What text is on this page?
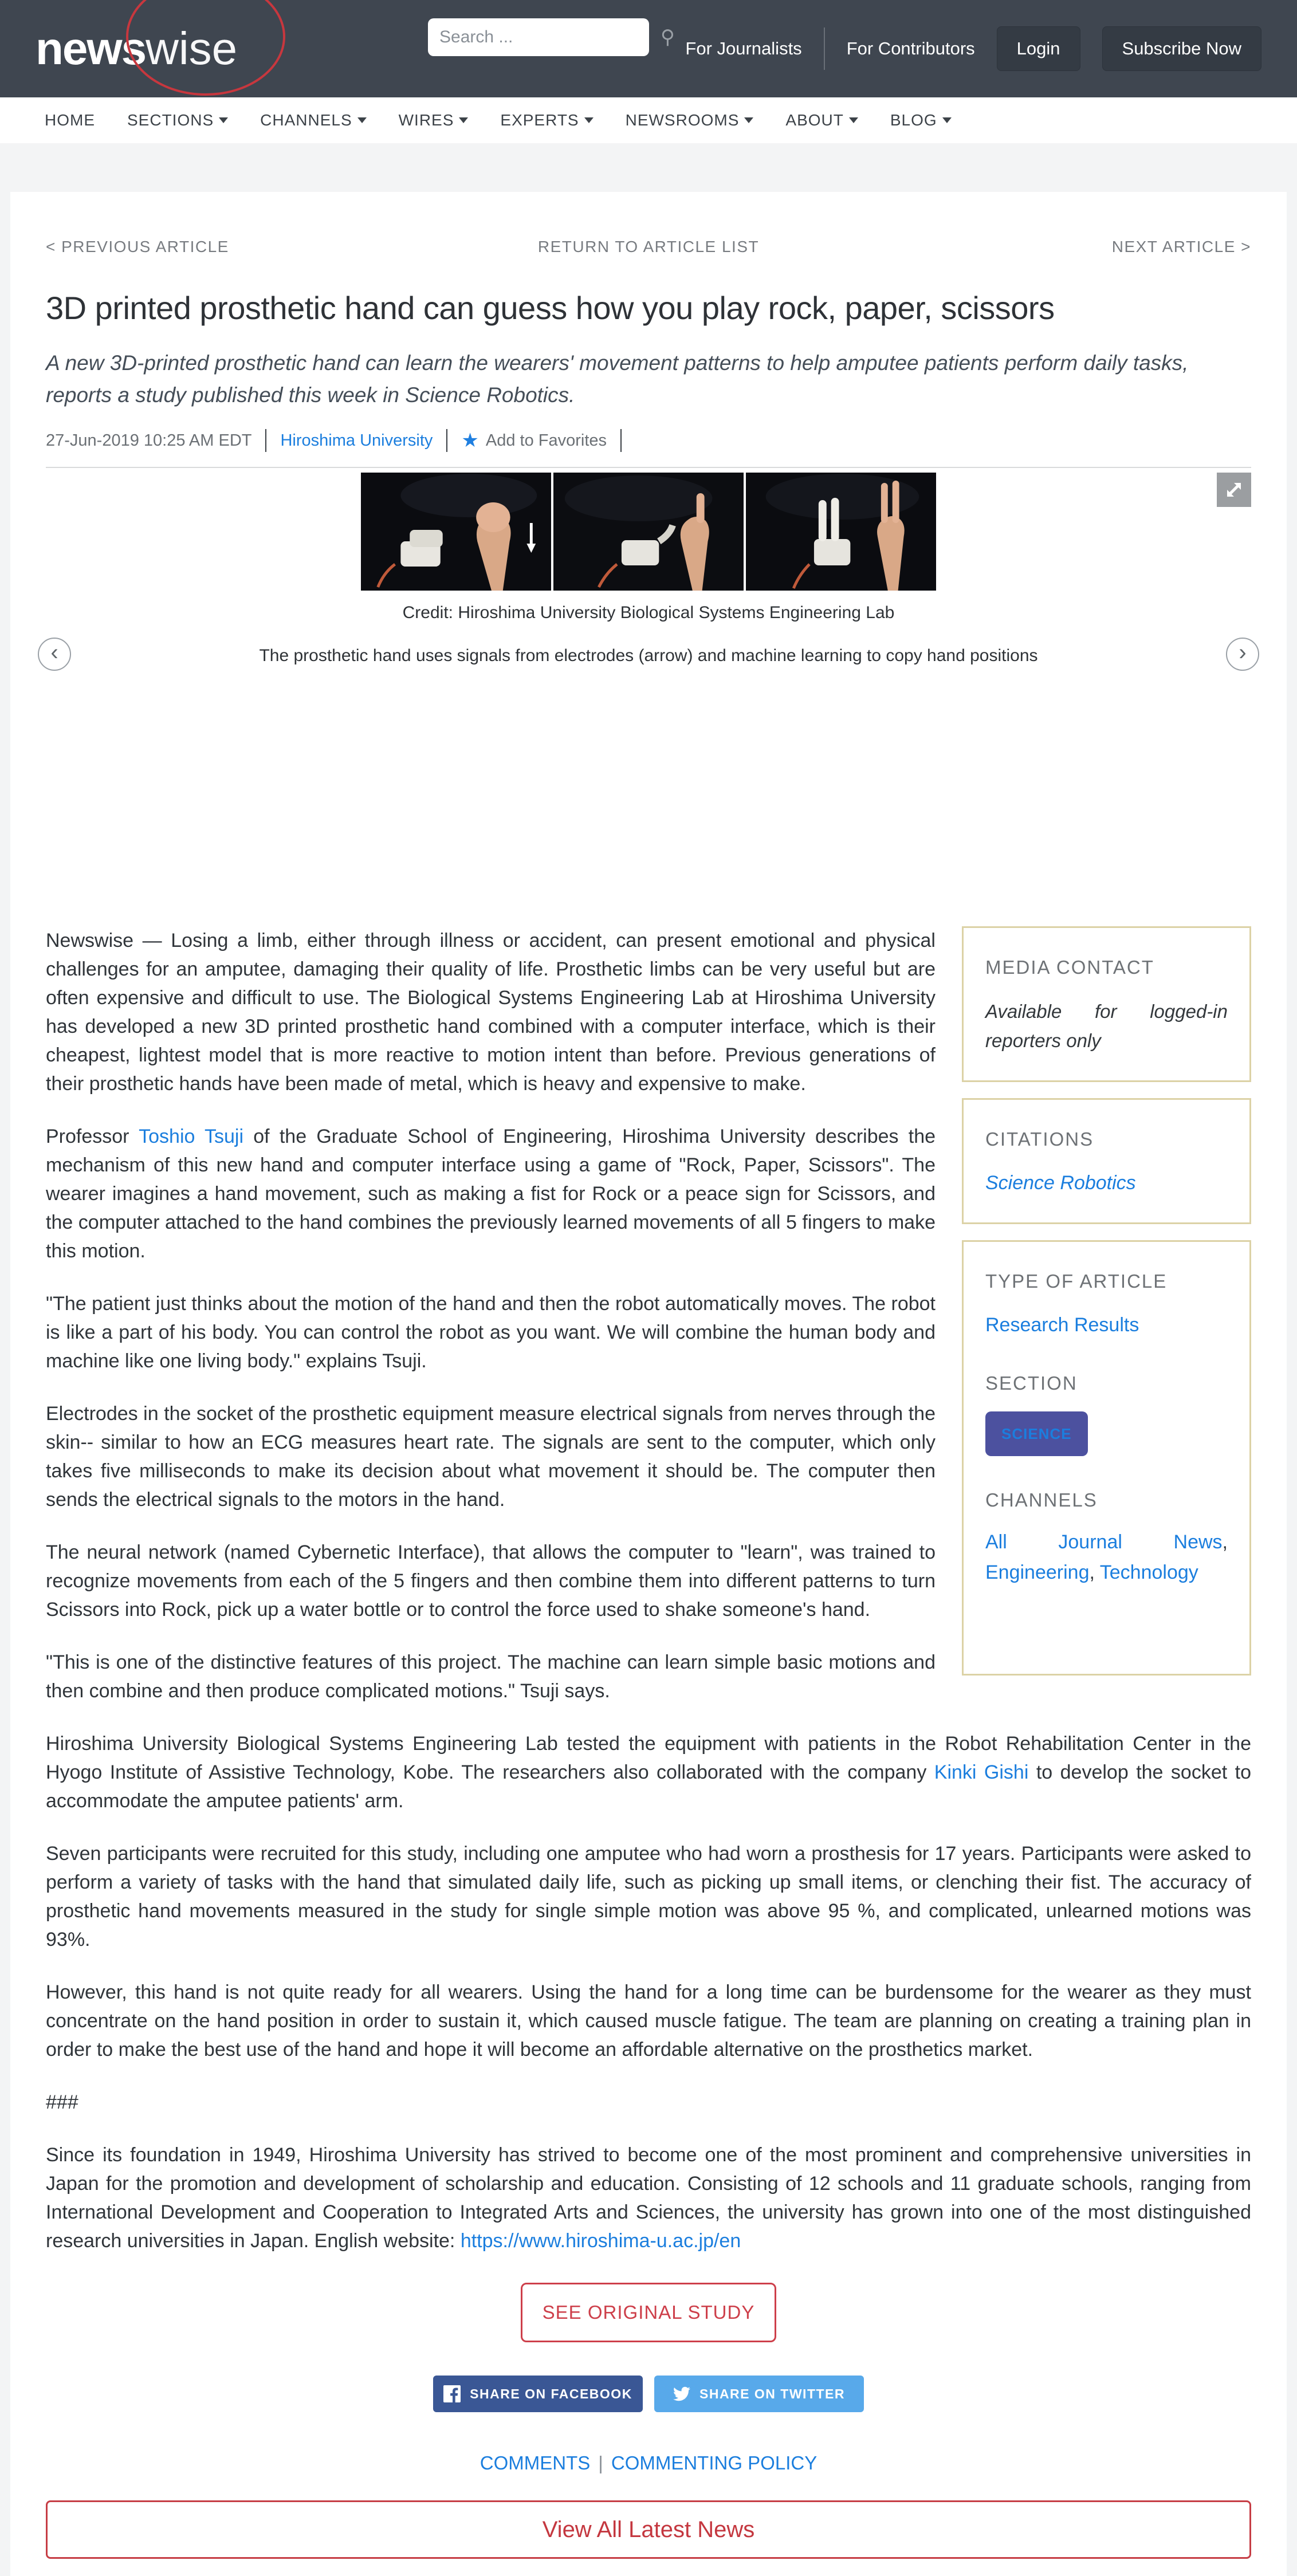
news wise
Search ...	⚲
For Journalists	For Contributors	Login	Subscribe Now
HOME SECTIONS	CHANNELS	WIRES	EXPERTS	NEWSROOMS	ABOUT	BLOG
< PREVIOUS ARTICLE	RETURN TO ARTICLE LIST	NEXT ARTICLE >
3D printed prosthetic hand can guess how you play rock, paper, scissors
A new 3D-printed prosthetic hand can learn the wearers' movement patterns to help amputee patients perform daily tasks, reports a study published this week in Science Robotics.
27-Jun-2019 10:25 AM EDT Hiroshima University ★ Add to Favorites
Credit: Hiroshima University Biological Systems Engineering Lab
‹	The prosthetic hand uses signals from electrodes (arrow) and machine learning to copy hand positions	›
MEDIA CONTACT
Available for logged-in reporters only
CITATIONS
Science Robotics
TYPE OF ARTICLE
Research Results
SECTION
SCIENCE
CHANNELS
All Journal News, Engineering, Technology

Newswise — Losing a limb, either through illness or accident, can present emotional and physical challenges for an amputee, damaging their quality of life. Prosthetic limbs can be very useful but are often expensive and difficult to use. The Biological Systems Engineering Lab at Hiroshima University has developed a new 3D printed prosthetic hand combined with a computer interface, which is their cheapest, lightest model that is more reactive to motion intent than before. Previous generations of their prosthetic hands have been made of metal, which is heavy and expensive to make.

Professor Toshio Tsuji of the Graduate School of Engineering, Hiroshima University describes the mechanism of this new hand and computer interface using a game of "Rock, Paper, Scissors". The wearer imagines a hand movement, such as making a fist for Rock or a peace sign for Scissors, and the computer attached to the hand combines the previously learned movements of all 5 fingers to make this motion.

"The patient just thinks about the motion of the hand and then the robot automatically moves. The robot is like a part of his body. You can control the robot as you want. We will combine the human body and machine like one living body." explains Tsuji.

Electrodes in the socket of the prosthetic equipment measure electrical signals from nerves through the skin-- similar to how an ECG measures heart rate. The signals are sent to the computer, which only takes five milliseconds to make its decision about what movement it should be. The computer then sends the electrical signals to the motors in the hand.

The neural network (named Cybernetic Interface), that allows the computer to "learn", was trained to recognize movements from each of the 5 fingers and then combine them into different patterns to turn Scissors into Rock, pick up a water bottle or to control the force used to shake someone's hand.

"This is one of the distinctive features of this project. The machine can learn simple basic motions and then combine and then produce complicated motions." Tsuji says.

Hiroshima University Biological Systems Engineering Lab tested the equipment with patients in the Robot Rehabilitation Center in the Hyogo Institute of Assistive Technology, Kobe. The researchers also collaborated with the company Kinki Gishi to develop the socket to accommodate the amputee patients' arm.

Seven participants were recruited for this study, including one amputee who had worn a prosthesis for 17 years. Participants were asked to perform a variety of tasks with the hand that simulated daily life, such as picking up small items, or clenching their fist. The accuracy of prosthetic hand movements measured in the study for single simple motion was above 95 %, and complicated, unlearned motions was 93%.

However, this hand is not quite ready for all wearers. Using the hand for a long time can be burdensome for the wearer as they must concentrate on the hand position in order to sustain it, which caused muscle fatigue. The team are planning on creating a training plan in order to make the best use of the hand and hope it will become an affordable alternative on the prosthetics market.

###

Since its foundation in 1949, Hiroshima University has strived to become one of the most prominent and comprehensive universities in Japan for the promotion and development of scholarship and education. Consisting of 12 schools and 11 graduate schools, ranging from International Development and Cooperation to Integrated Arts and Sciences, the university has grown into one of the most distinguished research universities in Japan. English website: https://www.hiroshima-u.ac.jp/en

SEE ORIGINAL STUDY
SHARE ON FACEBOOK	SHARE ON TWITTER
COMMENTS | COMMENTING POLICY
View All Latest News
